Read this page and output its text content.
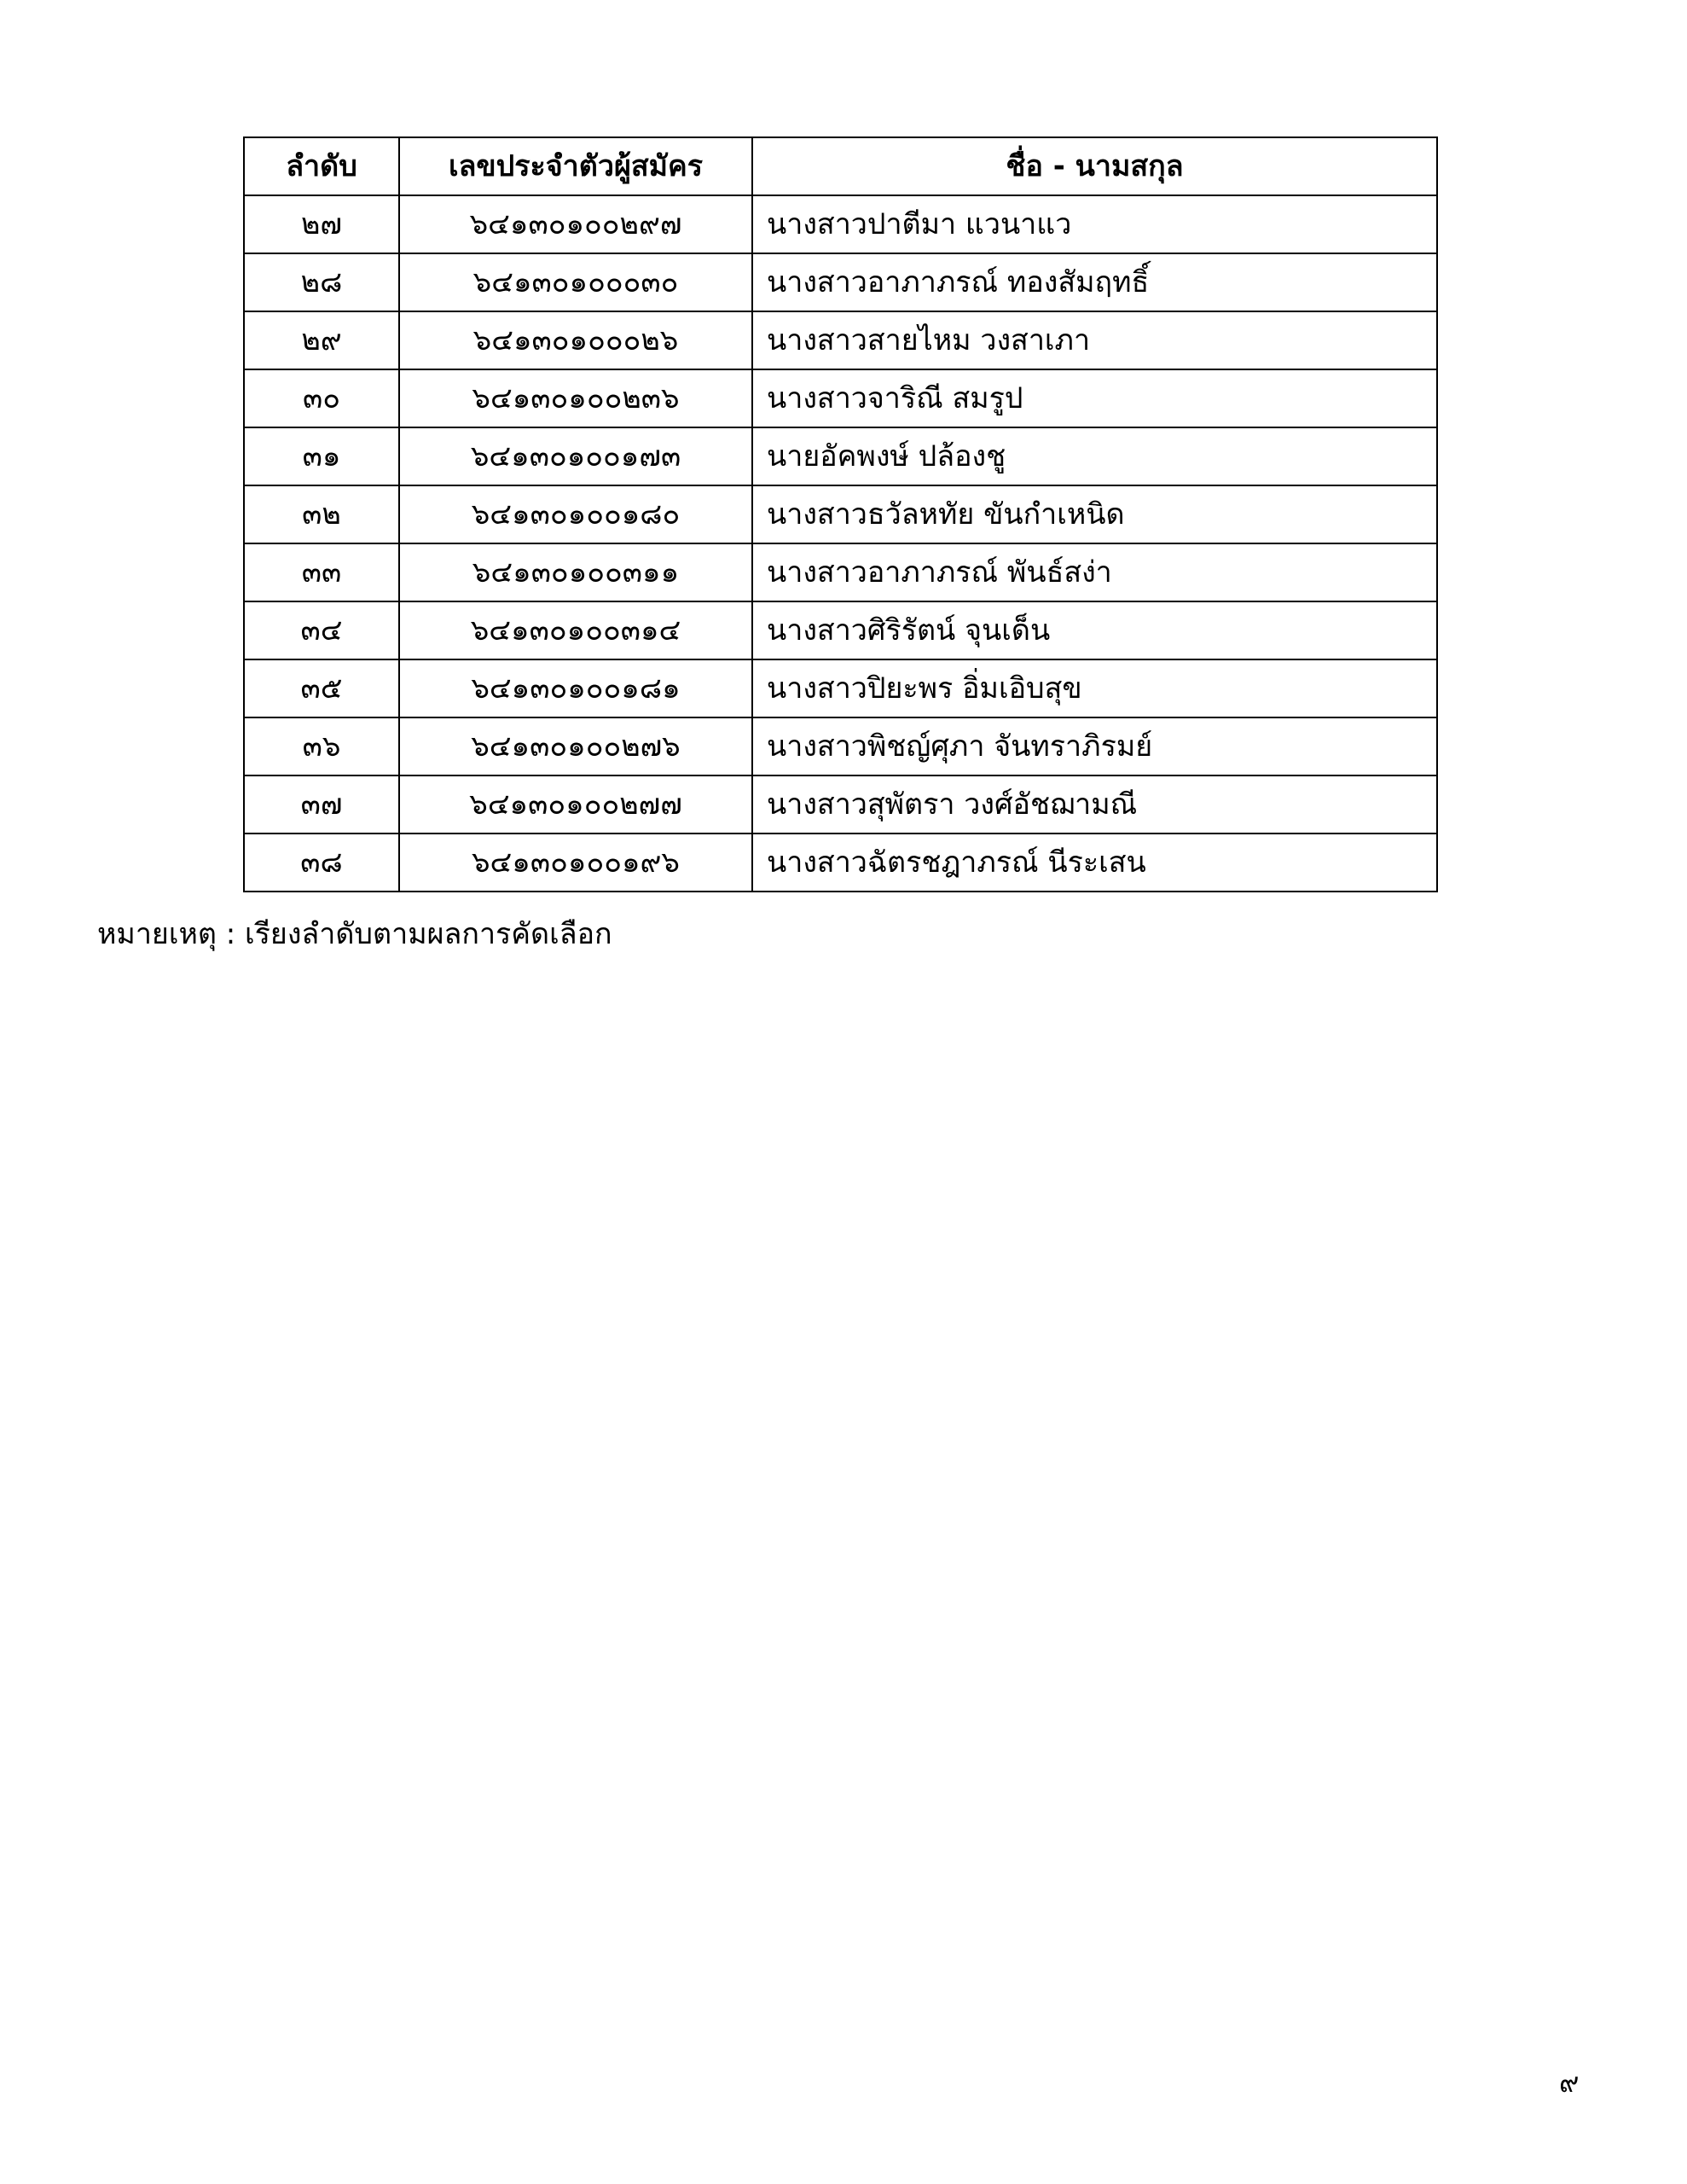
ลำดับ	เลขประจำตัวผู้สมัคร	ชื่อ - นามสกุล
๒๗	๖๔๑๓๐๑๐๐๒๙๗	นางสาวปาตีมา แวนาแว
๒๘	๖๔๑๓๐๑๐๐๐๓๐	นางสาวอาภาภรณ์ ทองสัมฤทธิ์
๒๙	๖๔๑๓๐๑๐๐๐๒๖	นางสาวสายไหม วงสาเภา
๓๐	๖๔๑๓๐๑๐๐๒๓๖	นางสาวจาริณี สมรูป
๓๑	๖๔๑๓๐๑๐๐๑๗๓	นายอัคพงษ์ ปล้องชู
๓๒	๖๔๑๓๐๑๐๐๑๘๐	นางสาวธวัลหทัย ขันกำเหนิด
๓๓	๖๔๑๓๐๑๐๐๓๑๑	นางสาวอาภาภรณ์ พันธ์สง่า
๓๔	๖๔๑๓๐๑๐๐๓๑๔	นางสาวศิริรัตน์ จุนเด็น
๓๕	๖๔๑๓๐๑๐๐๑๘๑	นางสาวปิยะพร อิ่มเอิบสุข
๓๖	๖๔๑๓๐๑๐๐๒๗๖	นางสาวพิชญ์ศุภา จันทราภิรมย์
๓๗	๖๔๑๓๐๑๐๐๒๗๗	นางสาวสุพัตรา วงศ์อัชฌามณี
๓๘	๖๔๑๓๐๑๐๐๑๙๖	นางสาวฉัตรชฎาภรณ์ นีระเสน
หมายเหตุ : เรียงลำดับตามผลการคัดเลือก
๙
